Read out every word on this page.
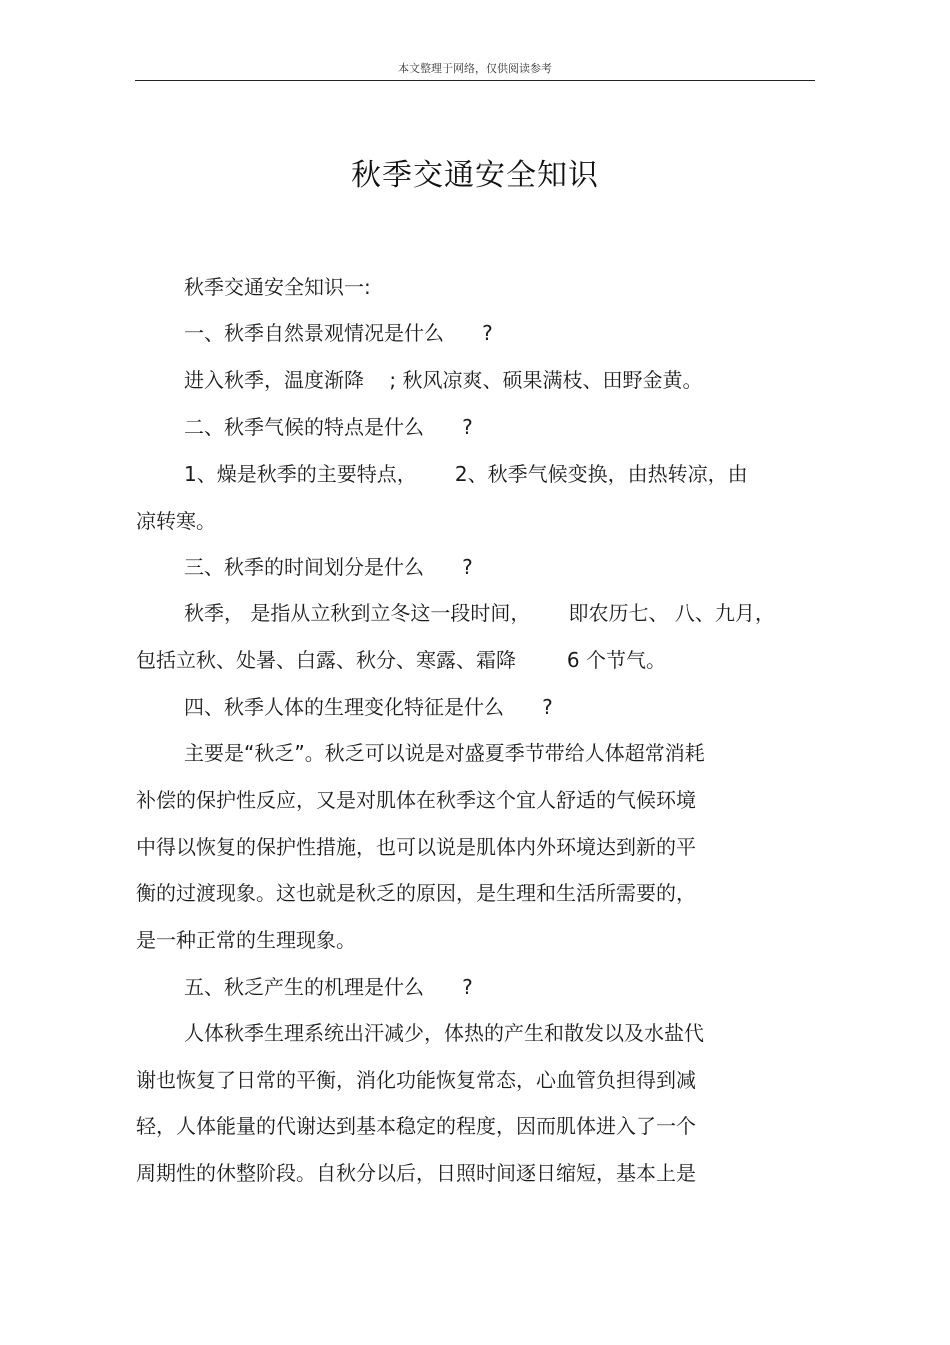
本文整理于网络，仅供阅读参考
秋季交通安全知识
秋季交通安全知识一:
一、秋季自然景观情况是什么      ?
进入秋季，温度渐降    ; 秋风凉爽、硕果满枝、田野金黄。
二、秋季气候的特点是什么      ?
1、燥是秋季的主要特点，      2、秋季气候变换，由热转凉，由
凉转寒。
三、秋季的时间划分是什么      ?
秋季， 是指从立秋到立冬这一段时间，      即农历七、 八、九月，
包括立秋、处暑、白露、秋分、寒露、霜降        6 个节气。
四、秋季人体的生理变化特征是什么      ?
主要是“秋乏”。秋乏可以说是对盛夏季节带给人体超常消耗
补偿的保护性反应，又是对肌体在秋季这个宜人舒适的气候环境
中得以恢复的保护性措施，也可以说是肌体内外环境达到新的平
衡的过渡现象。这也就是秋乏的原因，是生理和生活所需要的，
是一种正常的生理现象。
五、秋乏产生的机理是什么      ?
人体秋季生理系统出汗减少，体热的产生和散发以及水盐代
谢也恢复了日常的平衡，消化功能恢复常态，心血管负担得到减
轻，人体能量的代谢达到基本稳定的程度，因而肌体进入了一个
周期性的休整阶段。自秋分以后，日照时间逐日缩短，基本上是
